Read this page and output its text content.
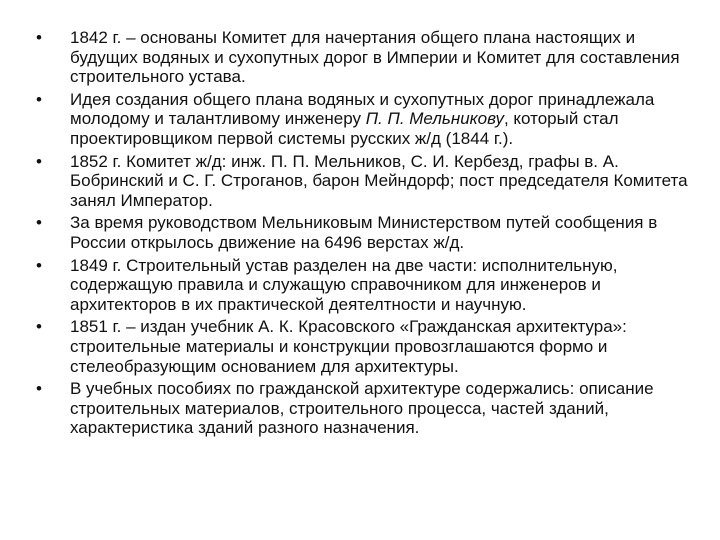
•	1842 г. – основаны Комитет для начертания общего плана настоящих и будущих водяных и сухопутных дорог в Империи и Комитет для составления строительного устава.
•	Идея создания общего плана водяных и сухопутных дорог принадлежала молодому и талантливому инженеру П. П. Мельникову, который стал проектировщиком первой системы русских ж/д (1844 г.).
•	1852 г. Комитет ж/д: инж. П. П. Мельников, С. И. Кербезд, графы в. А. Бобринский и С. Г. Строганов, барон Мейндорф; пост председателя Комитета занял Император.
•	За время руководством Мельниковым Министерством путей сообщения в России открылось движение на 6496 верстах ж/д.
•	1849 г. Строительный устав разделен на две части: исполнительную, содержащую правила и служащую справочником для инженеров и архитекторов в их практической деятелтности и научную.
•	1851 г. – издан учебник А. К. Красовского «Гражданская архитектура»: строительные материалы и конструкции провозглашаются формо и стелеобразующим основанием для архитектуры.
•	В учебных пособиях по гражданской архитектуре содержались: описание строительных материалов, строительного процесса, частей зданий, характеристика зданий разного назначения.
